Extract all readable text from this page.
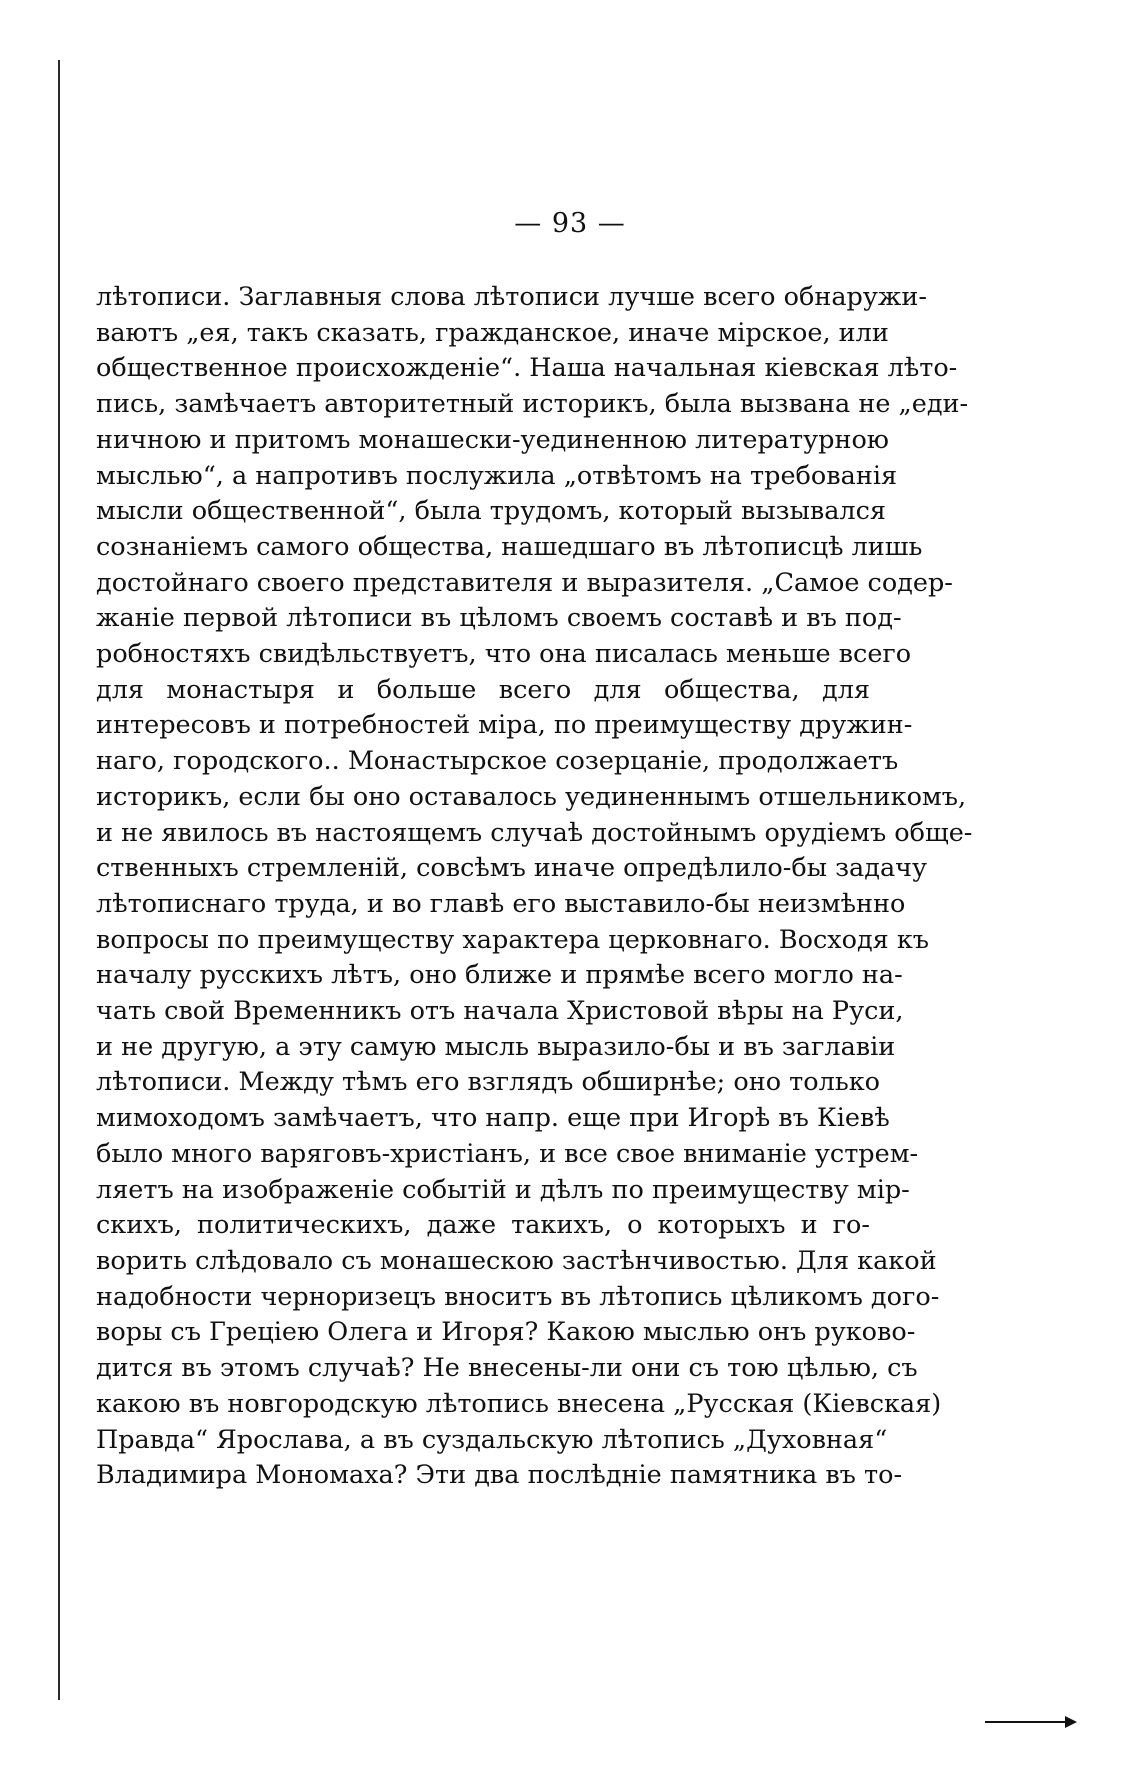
— 93 —
лѣтописи. Заглавныя слова лѣтописи лучше всего обнаружи-
ваютъ „ея, такъ сказать, гражданское, иначе мірское, или
общественное происхожденіе“. Наша начальная кіевская лѣто-
пись, замѣчаетъ авторитетный историкъ, была вызвана не „еди-
ничною и притомъ монашески-уединенною литературною
мыслью“, а напротивъ послужила „отвѣтомъ на требованія
мысли общественной“, была трудомъ, который вызывался
сознаніемъ самого общества, нашедшаго въ лѣтописцѣ лишь
достойнаго своего представителя и выразителя. „Самое содер-
жаніе первой лѣтописи въ цѣломъ своемъ составѣ и въ под-
робностяхъ свидѣльствуетъ, что она писалась меньше всего
для монастыря и больше всего для общества, для
интересовъ и потребностей міра, по преимуществу дружин-
наго, городского.. Монастырское созерцаніе, продолжаетъ
историкъ, если бы оно оставалось уединеннымъ отшельникомъ,
и не явилось въ настоящемъ случаѣ достойнымъ орудіемъ обще-
ственныхъ стремленій, совсѣмъ иначе опредѣлило-бы задачу
лѣтописнаго труда, и во главѣ его выставило-бы неизмѣнно
вопросы по преимуществу характера церковнаго. Восходя къ
началу русскихъ лѣтъ, оно ближе и прямѣе всего могло на-
чать свой Временникъ отъ начала Христовой вѣры на Руси,
и не другую, а эту самую мысль выразило-бы и въ заглавіи
лѣтописи. Между тѣмъ его взглядъ обширнѣе; оно только
мимоходомъ замѣчаетъ, что напр. еще при Игорѣ въ Кіевѣ
было много варяговъ-христіанъ, и все свое вниманіе устрем-
ляетъ на изображеніе событій и дѣлъ по преимуществу мір-
скихъ, политическихъ, даже такихъ, о которыхъ и го-
ворить слѣдовало съ монашескою застѣнчивостью. Для какой
надобности черноризецъ вноситъ въ лѣтопись цѣликомъ дого-
воры съ Греціею Олега и Игоря? Какою мыслью онъ руково-
дится въ этомъ случаѣ? Не внесены-ли они съ тою цѣлью, съ
какою въ новгородскую лѣтопись внесена „Русская (Кіевская)
Правда“ Ярослава, а въ суздальскую лѣтопись „Духовная“
Владимира Мономаха? Эти два послѣдніе памятника въ то-
